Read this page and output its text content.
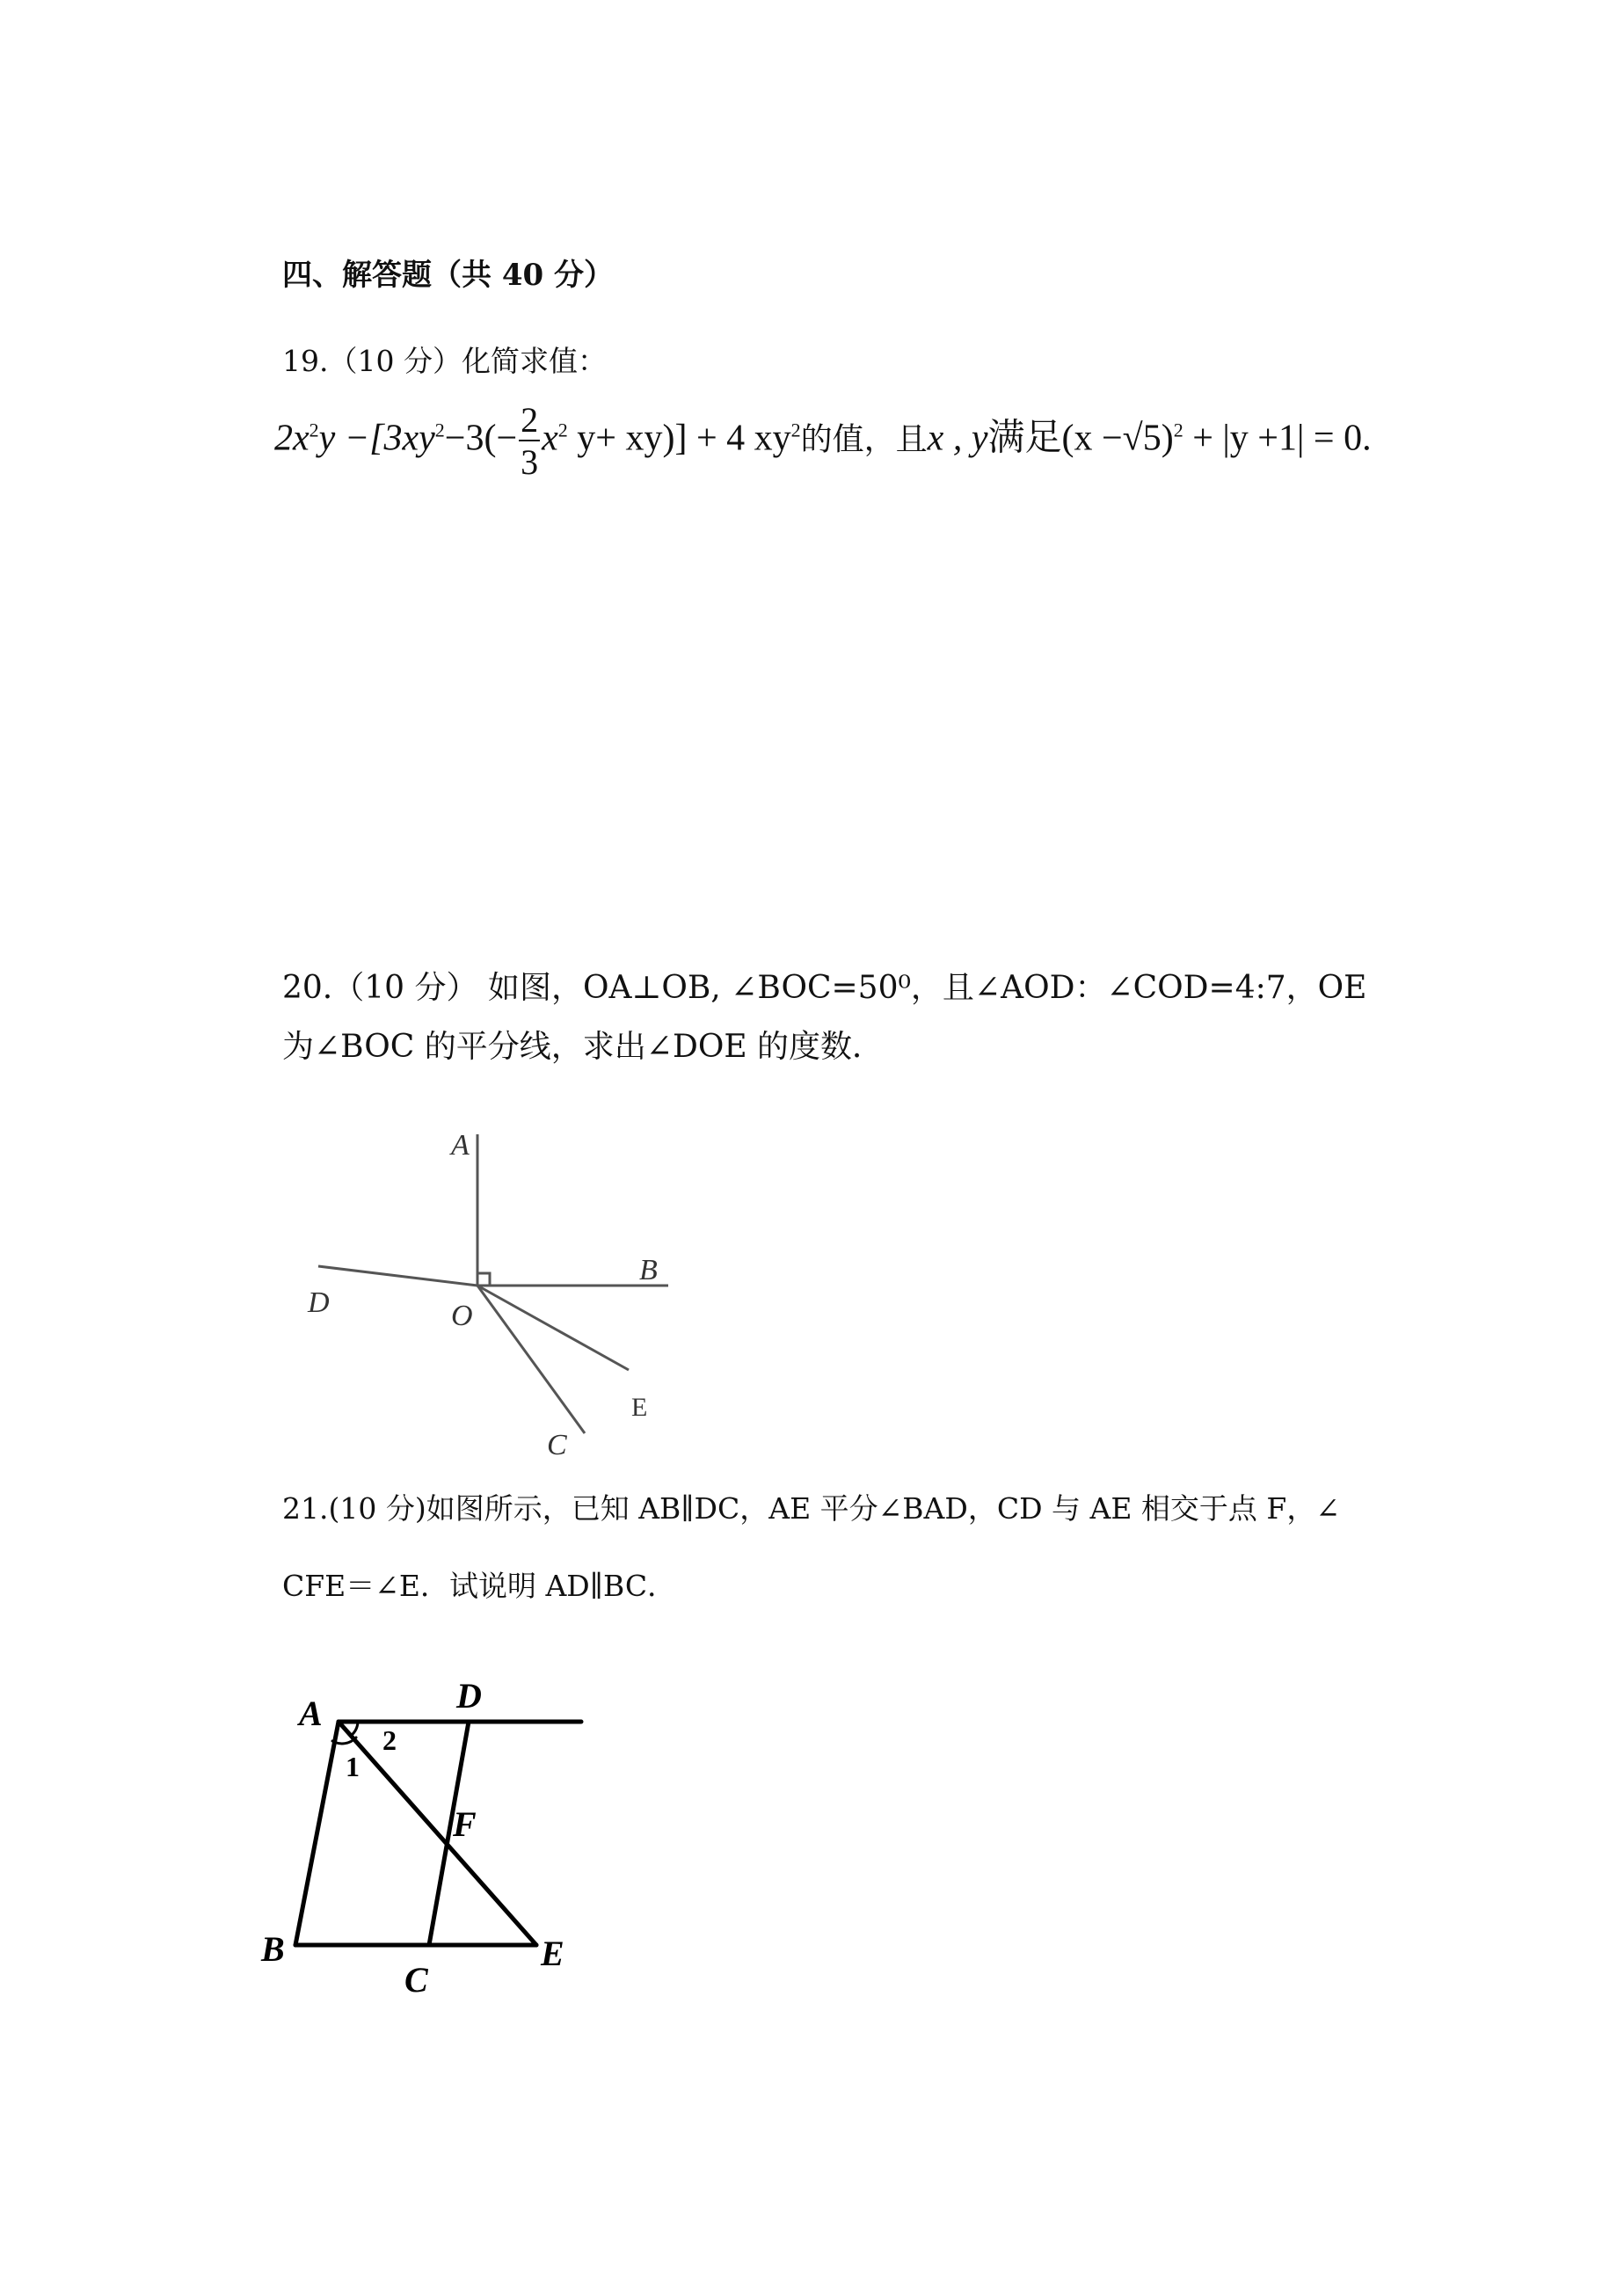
四、解答题（共 40 分）
19.（10 分）化简求值：
$2x^2y -[3xy^2-3(- \frac{2}{3} x^2$ y+ xy)] + 4 $xy^2$的值，且x , y满足$(x -√5)^2 + |y +1| = 0$.
20.（10 分） 如图，OA⊥OB, ∠BOC=50⁰，且∠AOD：∠COD=4:7，OE
为∠BOC 的平分线，求出∠DOE 的度数．
A
B
D	O
C
E
21.(10 分)如图所示，已知 AB∥DC，AE 平分∠BAD，CD 与 AE 相交于点 F，∠
CFE＝∠E．试说明 AD∥BC．
A	D
F
B
C
E
2
1
